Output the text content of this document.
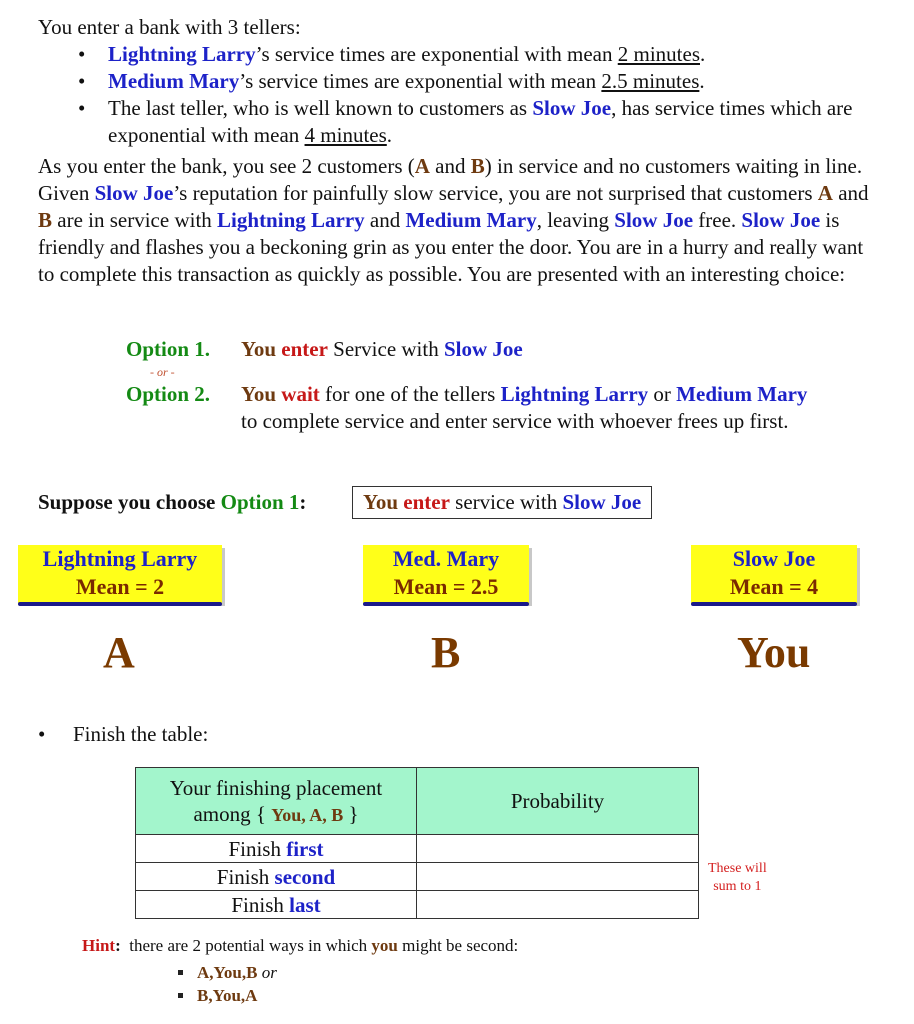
You enter a bank with 3 tellers:
• Lightning Larry’s service times are exponential with mean 2 minutes.
• Medium Mary’s service times are exponential with mean 2.5 minutes.
• The last teller, who is well known to customers as Slow Joe, has service times which are exponential with mean 4 minutes.
As you enter the bank, you see 2 customers (A and B) in service and no customers waiting in line. Given Slow Joe’s reputation for painfully slow service, you are not surprised that customers A and B are in service with Lightning Larry and Medium Mary, leaving Slow Joe free. Slow Joe is friendly and flashes you a beckoning grin as you enter the door. You are in a hurry and really want to complete this transaction as quickly as possible. You are presented with an interesting choice:
Option 1. You enter Service with Slow Joe
- or -
Option 2. You wait for one of the tellers Lightning Larry or Medium Mary
to complete service and enter service with whoever frees up first.
Suppose you choose Option 1:	You enter service with Slow Joe
Lightning Larry
Mean = 2
Med. Mary
Mean = 2.5
Slow Joe
Mean = 4
A	B	You
• Finish the table:
Your finishing placement
among { You, A, B }	Probability
Finish first	
Finish second	
Finish last	
These will
sum to 1
Hint:  there are 2 potential ways in which you might be second:
A,You,B or
B,You,A
